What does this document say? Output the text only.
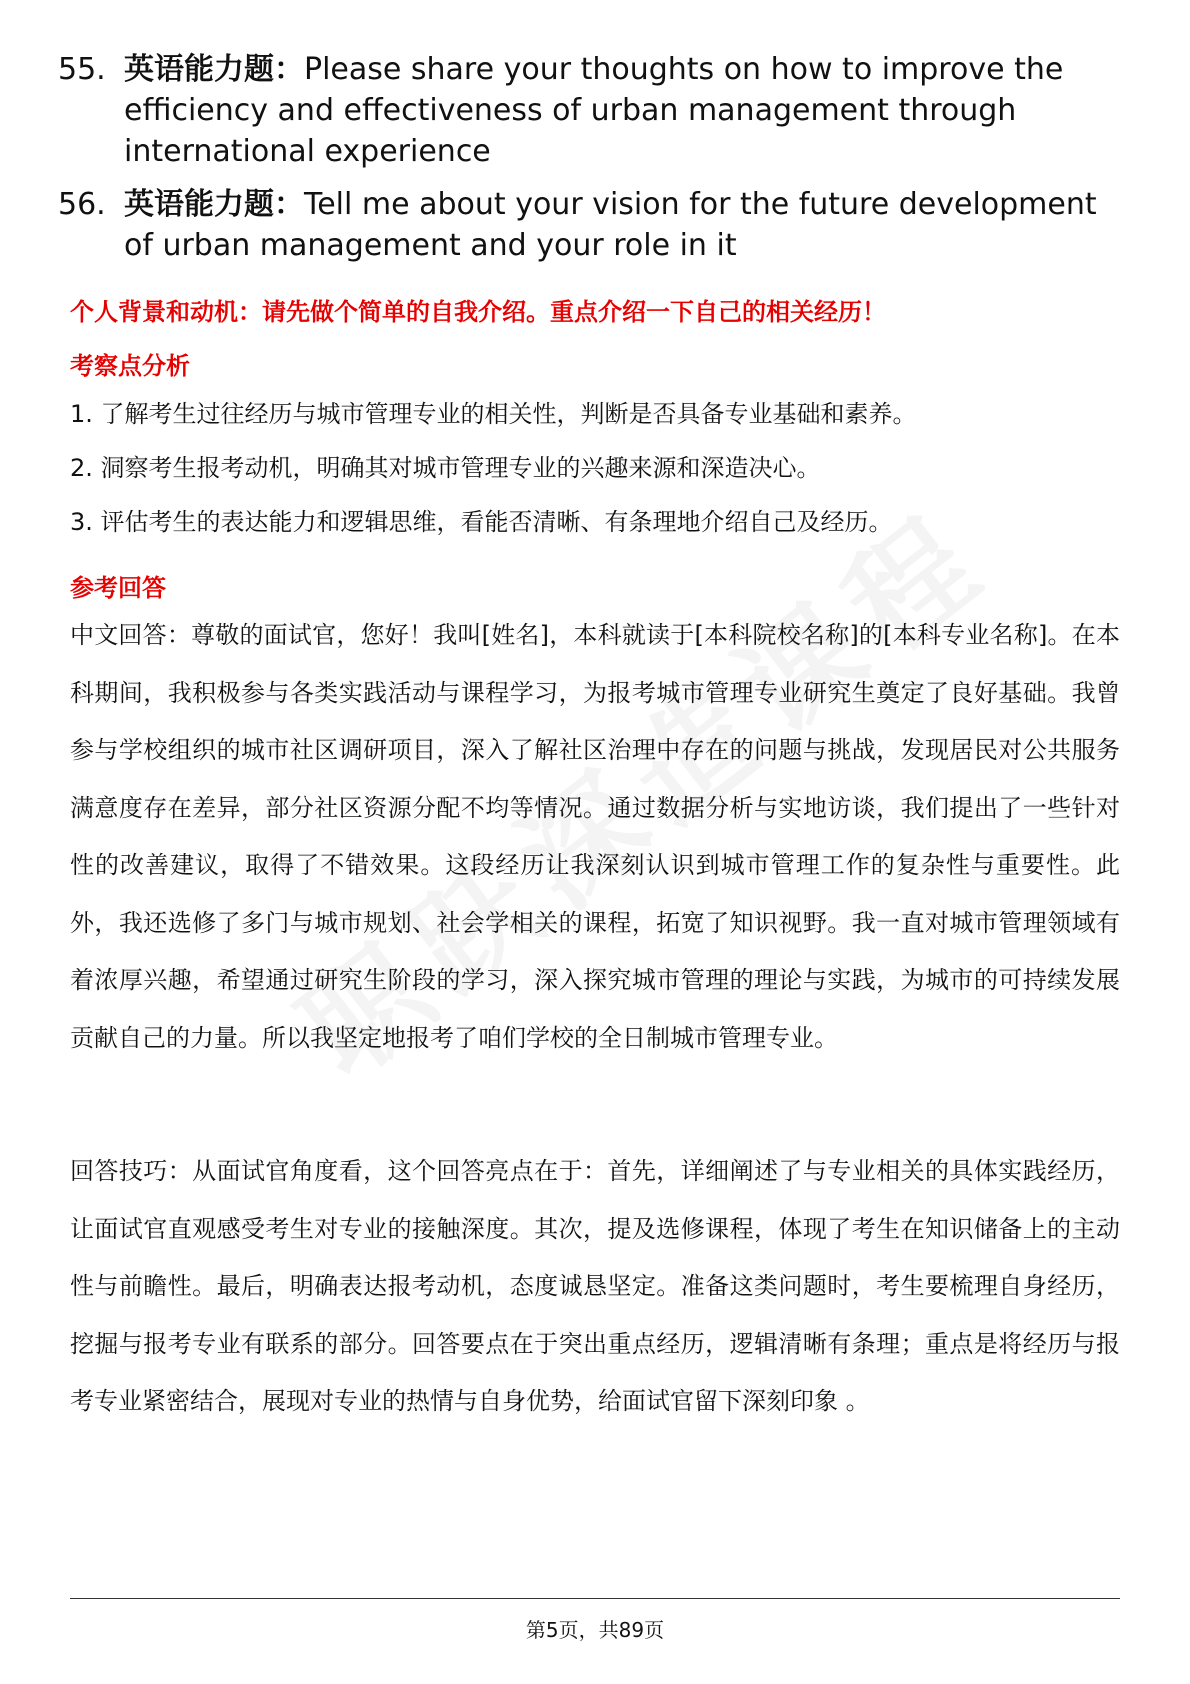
55. 英语能力题：Please share your thoughts on how to improve the efficiency and effectiveness of urban management through international experience
56. 英语能力题：Tell me about your vision for the future development of urban management and your role in it
个人背景和动机：请先做个简单的自我介绍。重点介绍一下自己的相关经历！
考察点分析
1. 了解考生过往经历与城市管理专业的相关性，判断是否具备专业基础和素养。
2. 洞察考生报考动机，明确其对城市管理专业的兴趣来源和深造决心。
3. 评估考生的表达能力和逻辑思维，看能否清晰、有条理地介绍自己及经历。
参考回答
中文回答：尊敬的面试官，您好！我叫[姓名]，本科就读于[本科院校名称]的[本科专业名称]。在本科期间，我积极参与各类实践活动与课程学习，为报考城市管理专业研究生奠定了良好基础。我曾参与学校组织的城市社区调研项目，深入了解社区治理中存在的问题与挑战，发现居民对公共服务满意度存在差异，部分社区资源分配不均等情况。通过数据分析与实地访谈，我们提出了一些针对性的改善建议，取得了不错效果。这段经历让我深刻认识到城市管理工作的复杂性与重要性。此外，我还选修了多门与城市规划、社会学相关的课程，拓宽了知识视野。我一直对城市管理领域有着浓厚兴趣，希望通过研究生阶段的学习，深入探究城市管理的理论与实践，为城市的可持续发展贡献自己的力量。所以我坚定地报考了咱们学校的全日制城市管理专业。
回答技巧：从面试官角度看，这个回答亮点在于：首先，详细阐述了与专业相关的具体实践经历，让面试官直观感受考生对专业的接触深度。其次，提及选修课程，体现了考生在知识储备上的主动性与前瞻性。最后，明确表达报考动机，态度诚恳坚定。准备这类问题时，考生要梳理自身经历，挖掘与报考专业有联系的部分。回答要点在于突出重点经历，逻辑清晰有条理；重点是将经历与报考专业紧密结合，展现对专业的热情与自身优势，给面试官留下深刻印象 。
第5页，共89页
